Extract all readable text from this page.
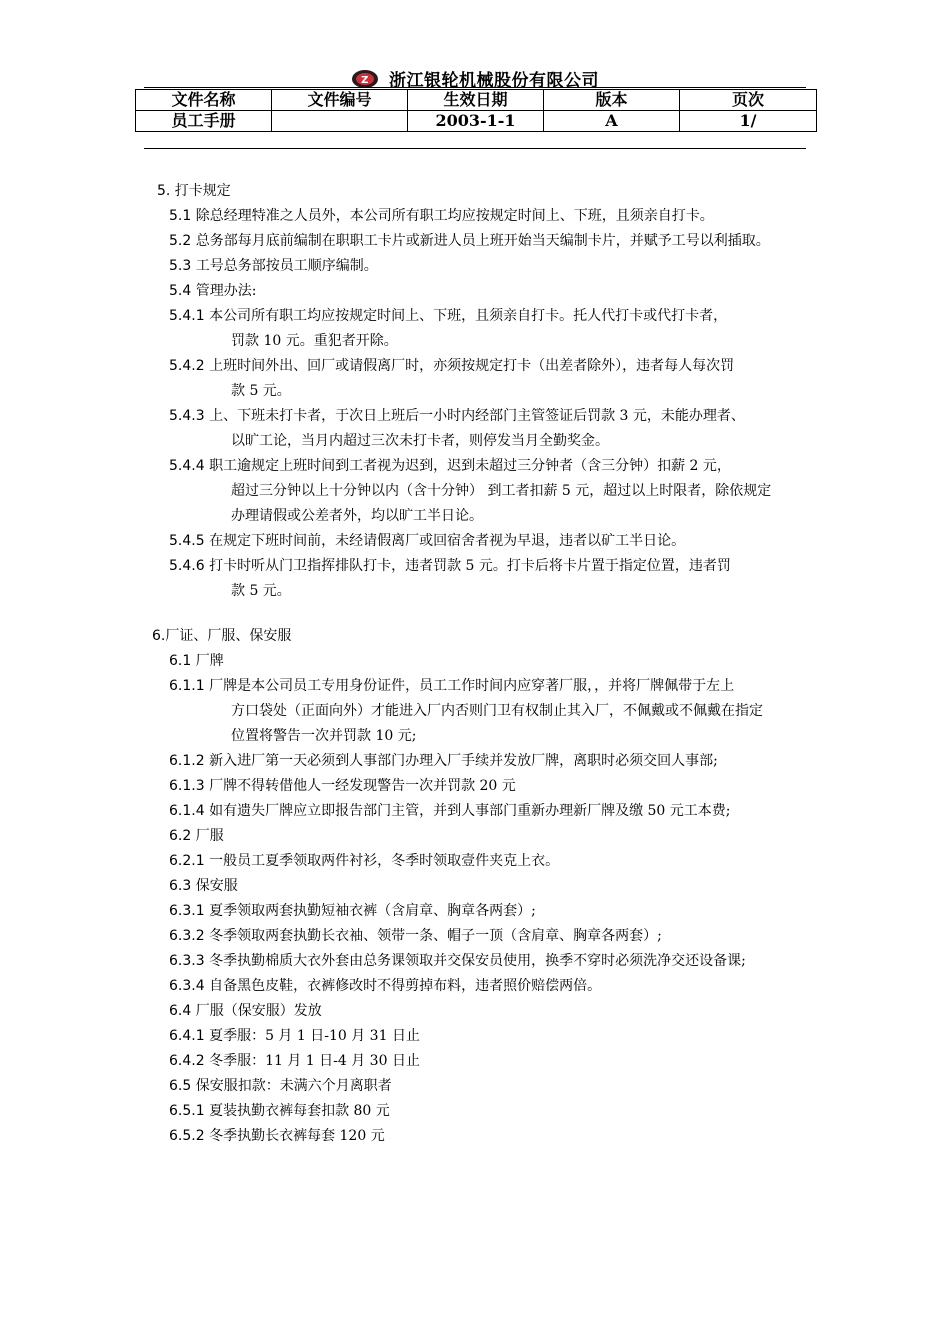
Z 浙江银轮机械股份有限公司
文件名称	文件编号	生效日期	版本	页次
员工手册		2003-1-1	A	1/
5. 打卡规定
5.1 除总经理特准之人员外，本公司所有职工均应按规定时间上、下班，且须亲自打卡。
5.2 总务部每月底前编制在职职工卡片或新进人员上班开始当天编制卡片，并赋予工号以利插取。
5.3 工号总务部按员工顺序编制。
5.4 管理办法:
5.4.1 本公司所有职工均应按规定时间上、下班，且须亲自打卡。托人代打卡或代打卡者，
罚款 10 元。重犯者开除。
5.4.2 上班时间外出、回厂或请假离厂时，亦须按规定打卡（出差者除外），违者每人每次罚
款 5 元。
5.4.3 上、下班未打卡者，于次日上班后一小时内经部门主管签证后罚款 3 元，未能办理者、
以旷工论，当月内超过三次未打卡者，则停发当月全勤奖金。
5.4.4 职工逾规定上班时间到工者视为迟到，迟到未超过三分钟者（含三分钟）扣薪 2 元，
超过三分钟以上十分钟以内（含十分钟） 到工者扣薪 5 元，超过以上时限者，除依规定
办理请假或公差者外，均以旷工半日论。
5.4.5 在规定下班时间前，未经请假离厂或回宿舍者视为早退，违者以矿工半日论。
5.4.6 打卡时听从门卫指挥排队打卡，违者罚款 5 元。打卡后将卡片置于指定位置，违者罚
款 5 元。
6.厂证、厂服、保安服
6.1 厂牌
6.1.1 厂牌是本公司员工专用身份证件，员工工作时间内应穿著厂服，，并将厂牌佩带于左上
方口袋处（正面向外）才能进入厂内否则门卫有权制止其入厂，不佩戴或不佩戴在指定
位置将警告一次并罚款 10 元;
6.1.2 新入进厂第一天必须到人事部门办理入厂手续并发放厂牌，离职时必须交回人事部;
6.1.3 厂牌不得转借他人一经发现警告一次并罚款 20 元
6.1.4 如有遗失厂牌应立即报告部门主管，并到人事部门重新办理新厂牌及缴 50 元工本费;
6.2 厂服
6.2.1 一般员工夏季领取两件衬衫，冬季时领取壹件夹克上衣。
6.3 保安服
6.3.1 夏季领取两套执勤短袖衣裤（含肩章、胸章各两套）;
6.3.2 冬季领取两套执勤长衣袖、领带一条、帽子一顶（含肩章、胸章各两套）;
6.3.3 冬季执勤棉质大衣外套由总务课领取并交保安员使用，换季不穿时必须洗净交还设备课;
6.3.4 自备黑色皮鞋，衣裤修改时不得剪掉布料，违者照价赔偿两倍。
6.4 厂服（保安服）发放
6.4.1 夏季服：5 月 1 日-10 月 31 日止
6.4.2 冬季服：11 月 1 日-4 月 30 日止
6.5 保安服扣款：未满六个月离职者
6.5.1 夏装执勤衣裤每套扣款 80 元
6.5.2 冬季执勤长衣裤每套 120 元
